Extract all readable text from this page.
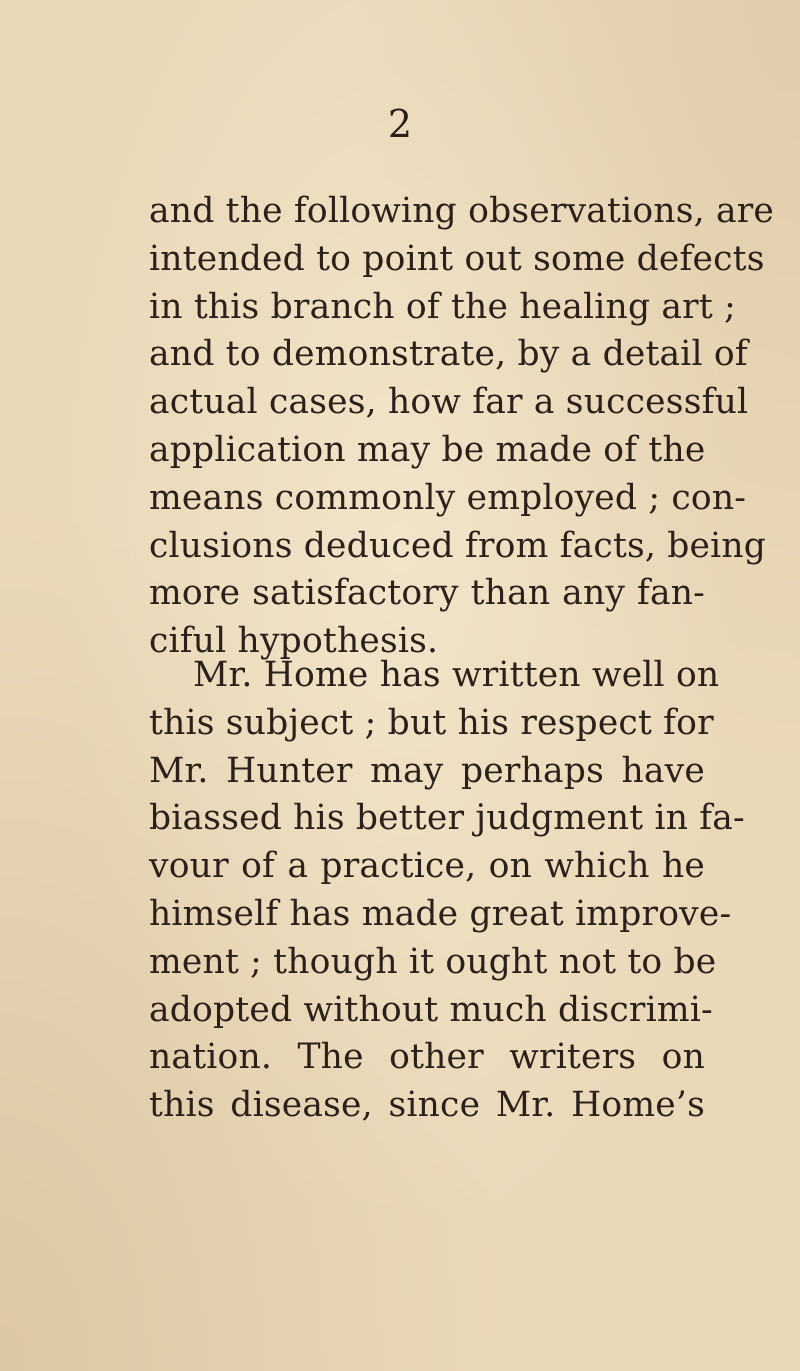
2
and the following observations, are
intended to point out some defects
in this branch of the healing art ;
and to demonstrate, by a detail of
actual cases, how far a successful
application may be made of the
means commonly employed ; con-
clusions deduced from facts, being
more satisfactory than any fan-
ciful hypothesis.
Mr. Home has written well on
this subject ; but his respect for
Mr. Hunter may perhaps have
biassed his better judgment in fa-
vour of a practice, on which he
himself has made great improve-
ment ; though it ought not to be
adopted without much discrimi-
nation. The other writers on
this disease, since Mr. Home’s
